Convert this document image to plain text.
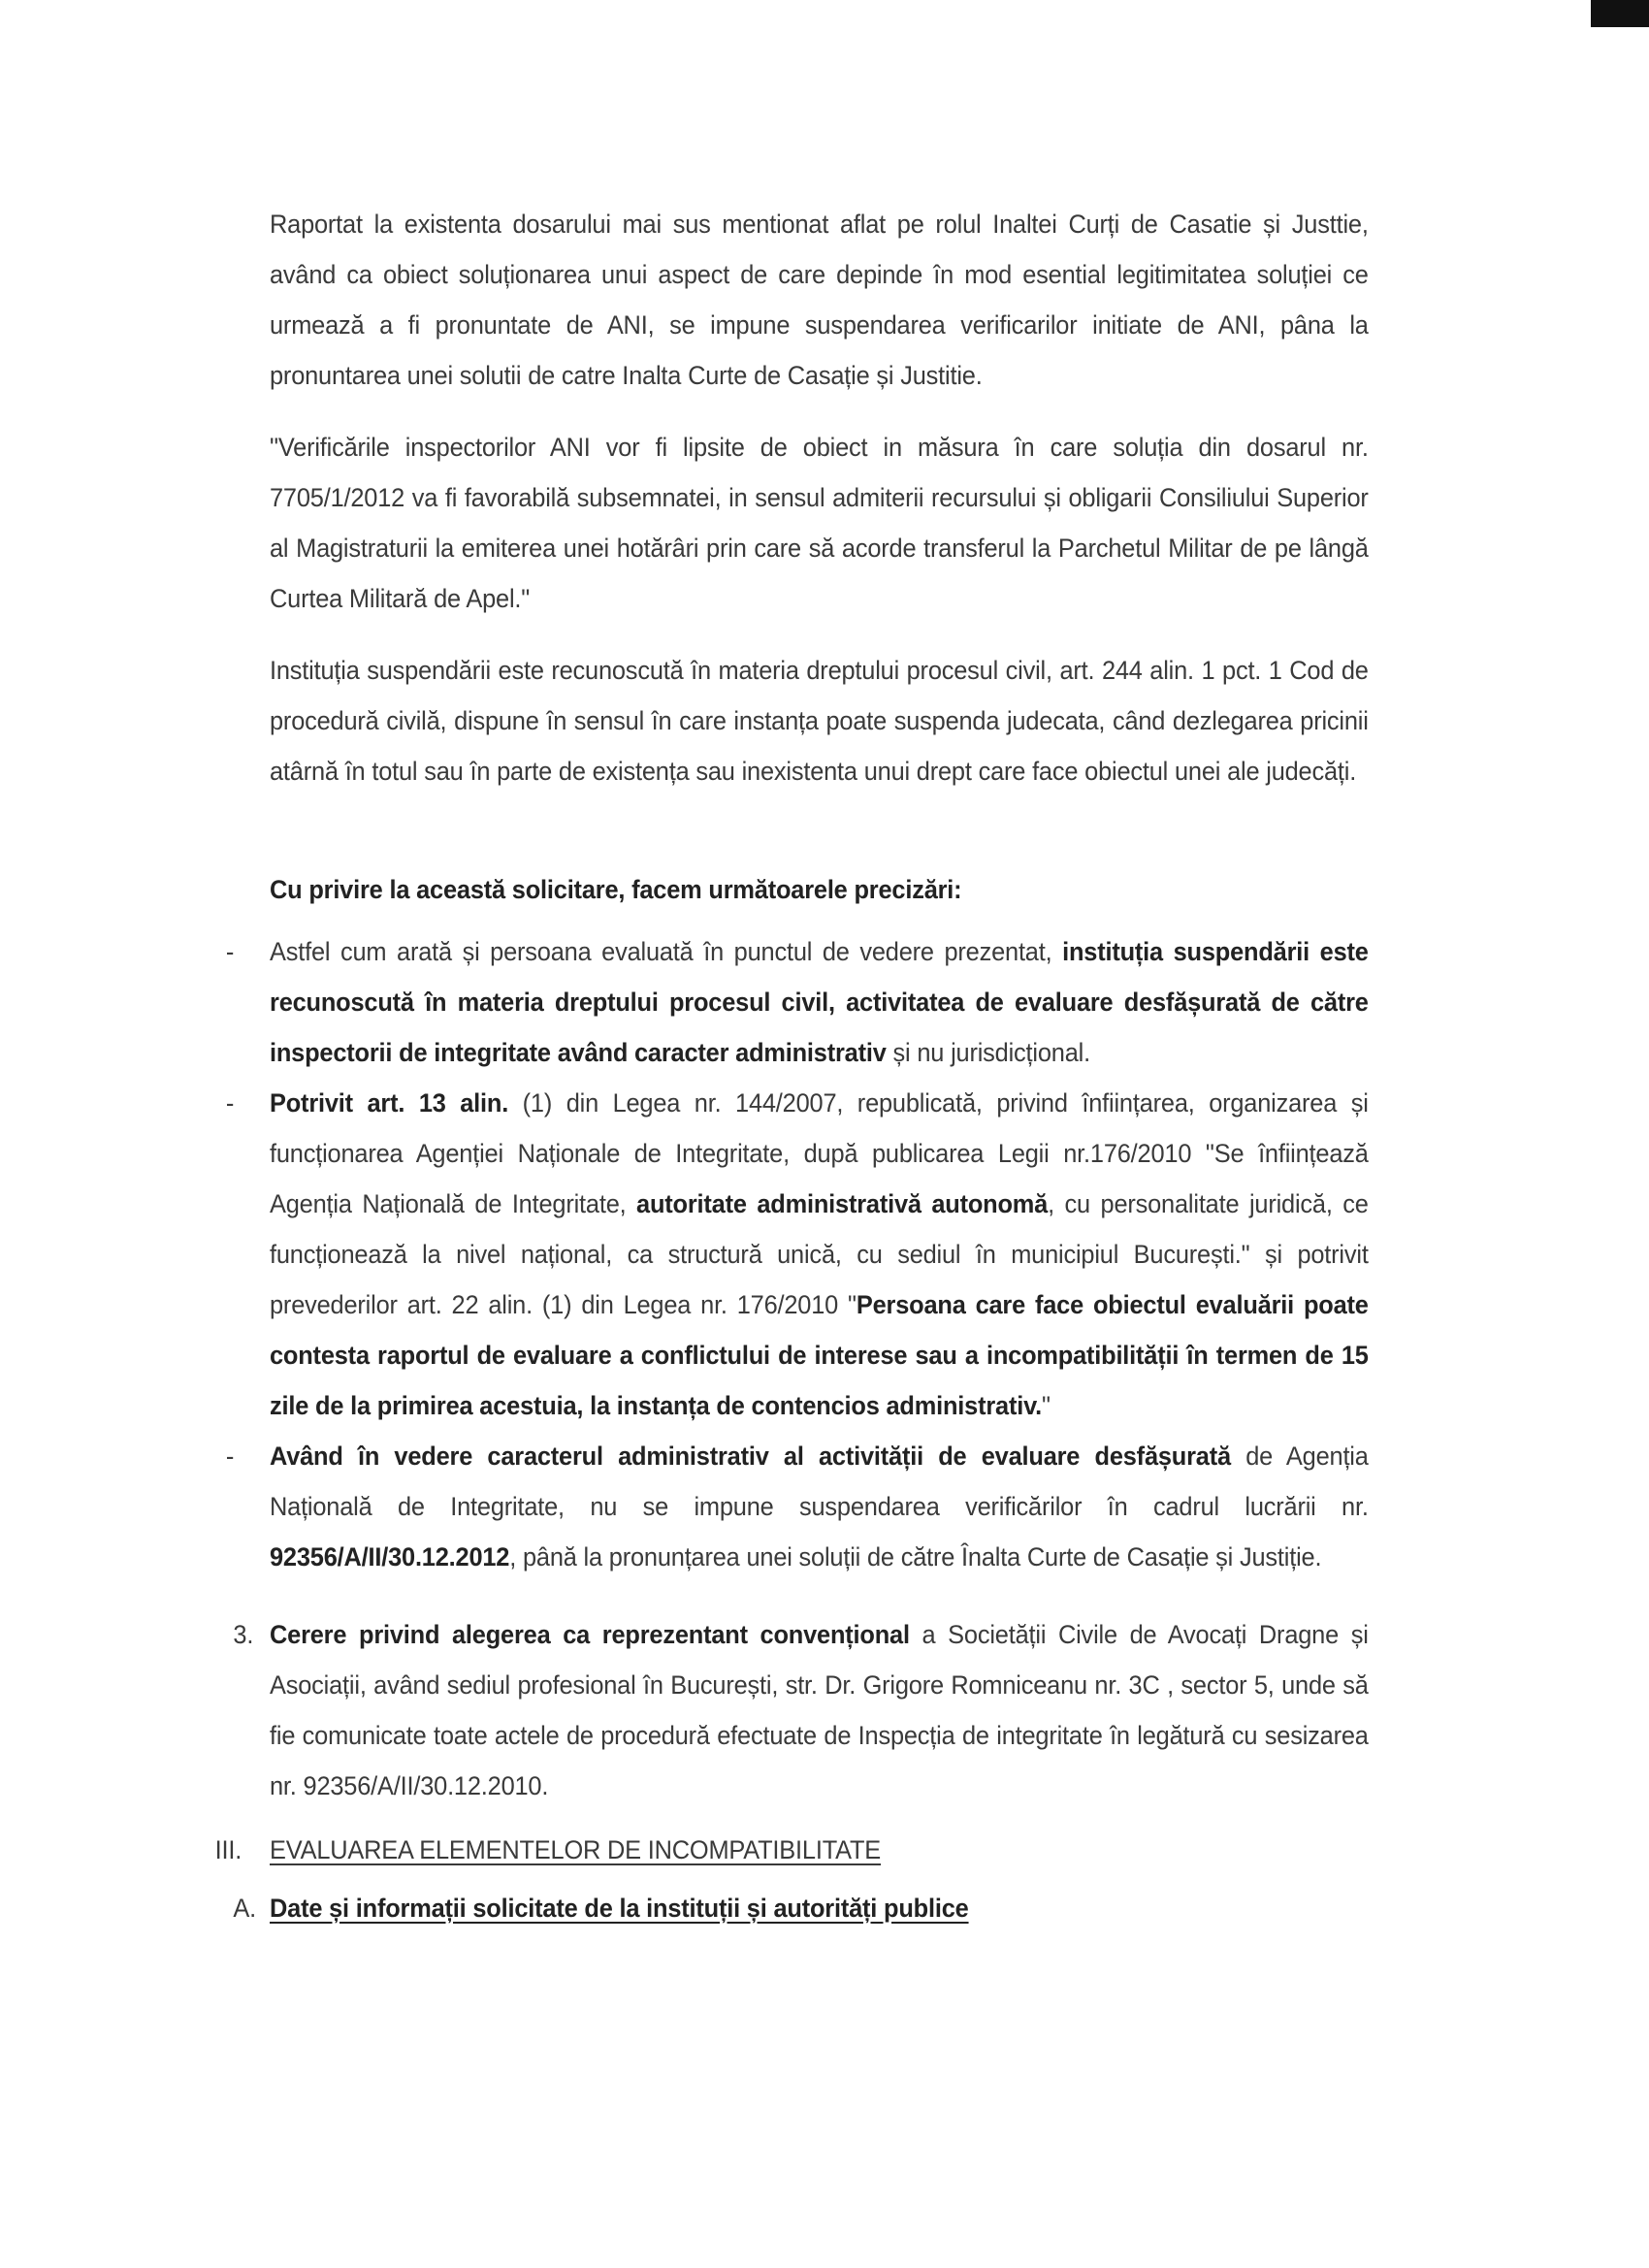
Raportat la existenta dosarului mai sus mentionat aflat pe rolul Inaltei Curți de Casatie și Justtie, având ca obiect soluționarea unui aspect de care depinde în mod esential legitimitatea soluției ce urmează a fi pronuntate de ANI, se impune suspendarea verificarilor initiate de ANI, pâna la pronuntarea unei solutii de catre Inalta Curte de Casație și Justitie.

"Verificările inspectorilor ANI vor fi lipsite de obiect in măsura în care soluția din dosarul nr. 7705/1/2012 va fi favorabilă subsemnatei, in sensul admiterii recursului și obligarii Consiliului Superior al Magistraturii la emiterea unei hotărâri prin care să acorde transferul la Parchetul Militar de pe lângă Curtea Militară de Apel."

Instituția suspendării este recunoscută în materia dreptului procesul civil, art. 244 alin. 1 pct. 1 Cod de procedură civilă, dispune în sensul în care instanța poate suspenda judecata, când dezlegarea pricinii atârnă în totul sau în parte de existența sau inexistenta unui drept care face obiectul unei ale judecăți.

Cu privire la această solicitare, facem următoarele precizări:

-	Astfel cum arată și persoana evaluată în punctul de vedere prezentat, instituția suspendării este recunoscută în materia dreptului procesul civil, activitatea de evaluare desfășurată de către inspectorii de integritate având caracter administrativ și nu jurisdicțional.
-	Potrivit art. 13 alin. (1) din Legea nr. 144/2007, republicată, privind înființarea, organizarea și funcționarea Agenției Naționale de Integritate, după publicarea Legii nr.176/2010 "Se înființează Agenția Națională de Integritate, autoritate administrativă autonomă, cu personalitate juridică, ce funcționează la nivel național, ca structură unică, cu sediul în municipiul București." și potrivit prevederilor art. 22 alin. (1) din Legea nr. 176/2010 "Persoana care face obiectul evaluării poate contesta raportul de evaluare a conflictului de interese sau a incompatibilității în termen de 15 zile de la primirea acestuia, la instanța de contencios administrativ."
-	Având în vedere caracterul administrativ al activității de evaluare desfășurată de Agenția Națională de Integritate, nu se impune suspendarea verificărilor în cadrul lucrării nr. 92356/A/II/30.12.2012, până la pronunțarea unei soluții de către Înalta Curte de Casație și Justiție.
3. Cerere privind alegerea ca reprezentant convențional a Societății Civile de Avocați Dragne și Asociații, având sediul profesional în București, str. Dr. Grigore Romniceanu nr. 3C , sector 5, unde să fie comunicate toate actele de procedură efectuate de Inspecția de integritate în legătură cu sesizarea nr. 92356/A/II/30.12.2010.
III. EVALUAREA ELEMENTELOR DE INCOMPATIBILITATE
A. Date și informații solicitate de la instituții și autorități publice
